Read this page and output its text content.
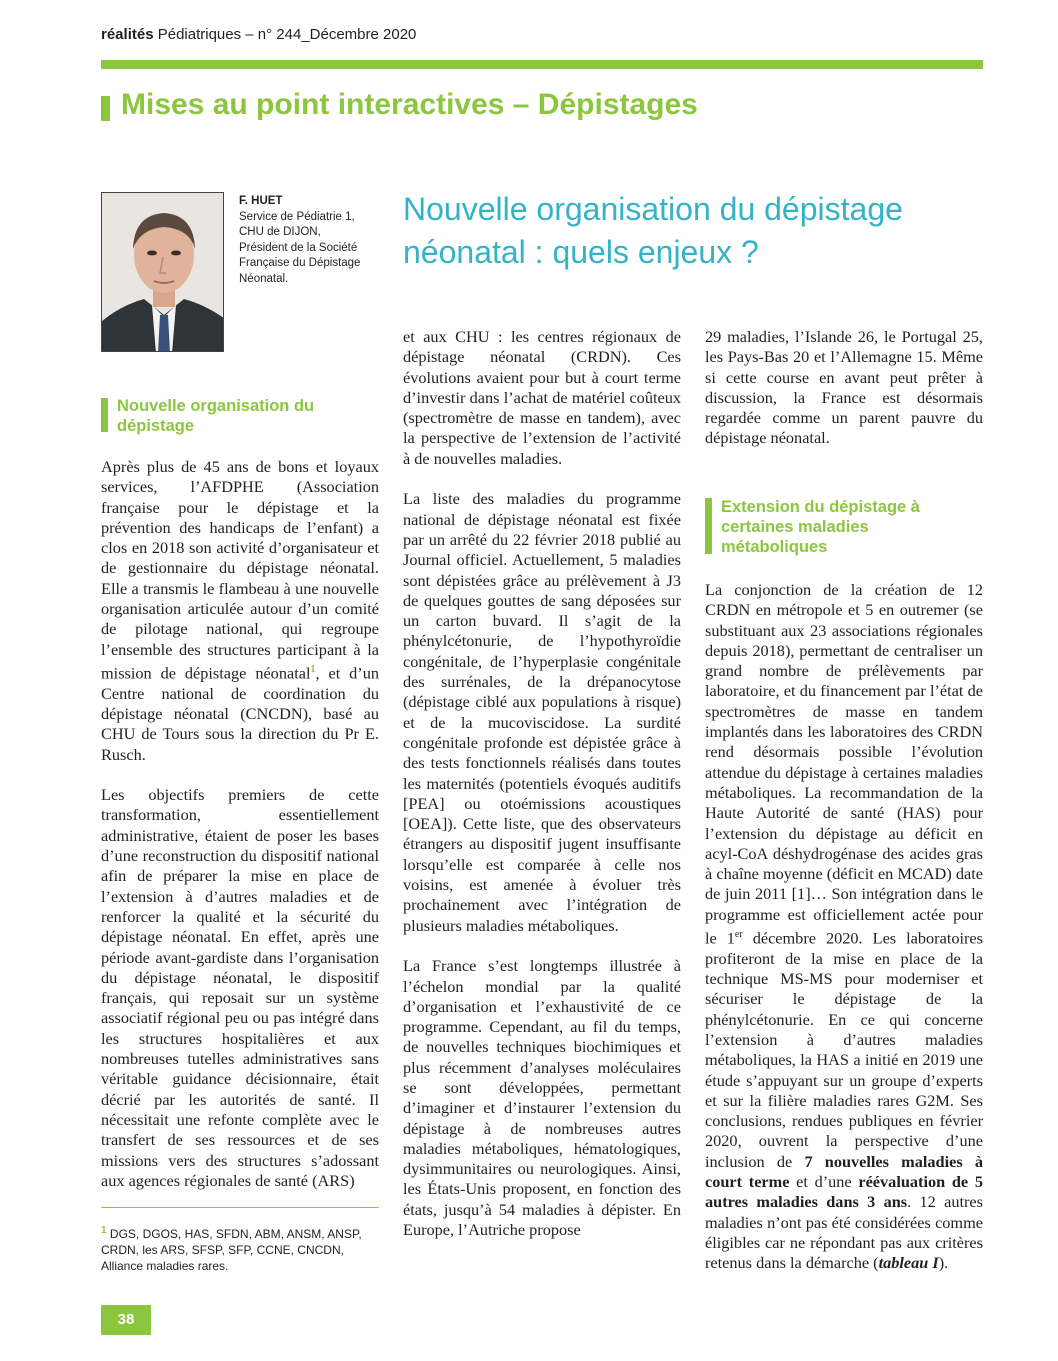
réalités Pédiatriques – n° 244_Décembre 2020
Mises au point interactives – Dépistages
F. HUET
Service de Pédiatrie 1,
CHU de DIJON,
Président de la Société
Française du Dépistage
Néonatal.
Nouvelle organisation du dépistage néonatal : quels enjeux ?
Nouvelle organisation du dépistage

Après plus de 45 ans de bons et loyaux services, l’AFDPHE (Association française pour le dépistage et la prévention des handicaps de l’enfant) a clos en 2018 son activité d’organisateur et de gestionnaire du dépistage néonatal. Elle a transmis le flambeau à une nouvelle organisation articulée autour d’un comité de pilotage national, qui regroupe l’ensemble des structures participant à la mission de dépistage néonatal$^1$, et d’un Centre national de coordination du dépistage néonatal (CNCDN), basé au CHU de Tours sous la direction du Pr E. Rusch.

Les objectifs premiers de cette transformation, essentiellement administrative, étaient de poser les bases d’une reconstruction du dispositif national afin de préparer la mise en place de l’extension à d’autres maladies et de renforcer la qualité et la sécurité du dépistage néonatal. En effet, après une période avant-gardiste dans l’organisation du dépistage néonatal, le dispositif français, qui reposait sur un système associatif régional peu ou pas intégré dans les structures hospitalières et aux nombreuses tutelles administratives sans véritable guidance décisionnaire, était décrié par les autorités de santé. Il nécessitait une refonte complète avec le transfert de ses ressources et de ses missions vers des structures s’adossant aux agences régionales de santé (ARS)

et aux CHU : les centres régionaux de dépistage néonatal (CRDN). Ces évolutions avaient pour but à court terme d’investir dans l’achat de matériel coûteux (spectromètre de masse en tandem), avec la perspective de l’extension de l’activité à de nouvelles maladies.

La liste des maladies du programme national de dépistage néonatal est fixée par un arrêté du 22 février 2018 publié au Journal officiel. Actuellement, 5 maladies sont dépistées grâce au prélèvement à J3 de quelques gouttes de sang déposées sur un carton buvard. Il s’agit de la phénylcétonurie, de l’hypothyroïdie congénitale, de l’hyperplasie congénitale des surrénales, de la drépanocytose (dépistage ciblé aux populations à risque) et de la mucoviscidose. La surdité congénitale profonde est dépistée grâce à des tests fonctionnels réalisés dans toutes les maternités (potentiels évoqués auditifs [PEA] ou otoémissions acoustiques [OEA]). Cette liste, que des observateurs étrangers au dispositif jugent insuffisante lorsqu’elle est comparée à celle nos voisins, est amenée à évoluer très prochainement avec l’intégration de plusieurs maladies métaboliques.

La France s’est longtemps illustrée à l’échelon mondial par la qualité d’organisation et l’exhaustivité de ce programme. Cependant, au fil du temps, de nouvelles techniques biochimiques et plus récemment d’analyses moléculaires se sont développées, permettant d’imaginer et d’instaurer l’extension du dépistage à de nombreuses autres maladies métaboliques, hématologiques, dysimmunitaires ou neurologiques. Ainsi, les États-Unis proposent, en fonction des états, jusqu’à 54 maladies à dépister. En Europe, l’Autriche propose

29 maladies, l’Islande 26, le Portugal 25, les Pays-Bas 20 et l’Allemagne 15. Même si cette course en avant peut prêter à discussion, la France est désormais regardée comme un parent pauvre du dépistage néonatal.

Extension du dépistage à certaines maladies métaboliques

La conjonction de la création de 12 CRDN en métropole et 5 en outremer (se substituant aux 23 associations régionales depuis 2018), permettant de centraliser un grand nombre de prélèvements par laboratoire, et du financement par l’état de spectromètres de masse en tandem implantés dans les laboratoires des CRDN rend désormais possible l’évolution attendue du dépistage à certaines maladies métaboliques. La recommandation de la Haute Autorité de santé (HAS) pour l’extension du dépistage au déficit en acyl-CoA déshydrogénase des acides gras à chaîne moyenne (déficit en MCAD) date de juin 2011 [1]… Son intégration dans le programme est officiellement actée pour le 1er décembre 2020. Les laboratoires profiteront de la mise en place de la technique MS-MS pour moderniser et sécuriser le dépistage de la phénylcétonurie. En ce qui concerne l’extension à d’autres maladies métaboliques, la HAS a initié en 2019 une étude s’appuyant sur un groupe d’experts et sur la filière maladies rares G2M. Ses conclusions, rendues publiques en février 2020, ouvrent la perspective d’une inclusion de 7 nouvelles maladies à court terme et d’une réévaluation de 5 autres maladies dans 3 ans. 12 autres maladies n’ont pas été considérées comme éligibles car ne répondant pas aux critères retenus dans la démarche (tableau I).

$^1$ DGS, DGOS, HAS, SFDN, ABM, ANSM, ANSP, CRDN, les ARS, SFSP, SFP, CCNE, CNCDN, Alliance maladies rares.
38
